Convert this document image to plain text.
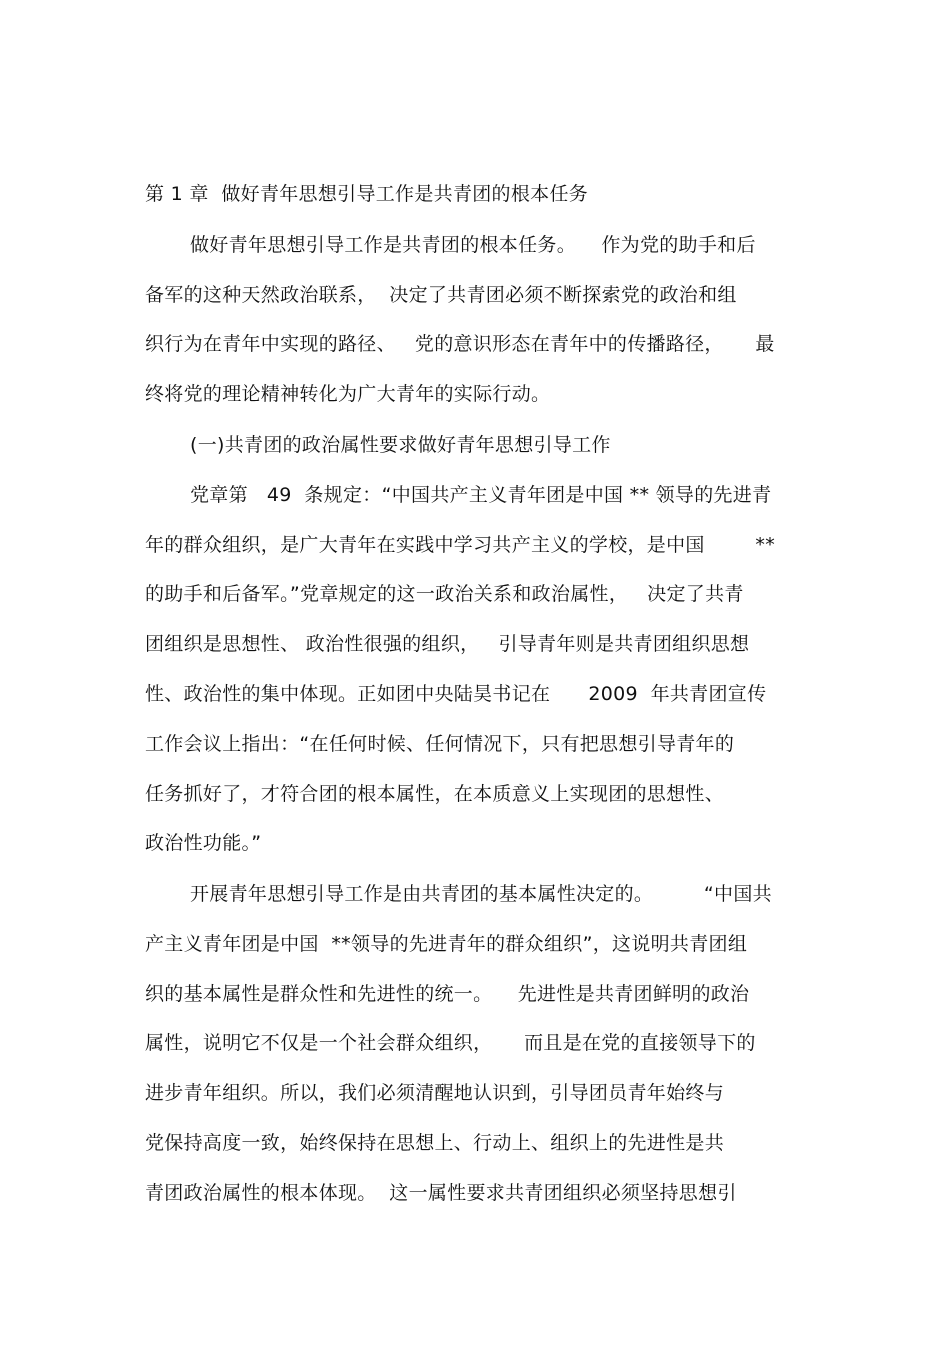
第 1 章  做好青年思想引导工作是共青团的根本任务
做好青年思想引导工作是共青团的根本任务。    作为党的助手和后
备军的这种天然政治联系，  决定了共青团必须不断探索党的政治和组
织行为在青年中实现的路径、   党的意识形态在青年中的传播路径，     最
终将党的理论精神转化为广大青年的实际行动。
(一)共青团的政治属性要求做好青年思想引导工作
党章第   49  条规定：“中国共产主义青年团是中国 ** 领导的先进青
年的群众组织，是广大青年在实践中学习共产主义的学校，是中国        **
的助手和后备军。”党章规定的这一政治关系和政治属性，   决定了共青
团组织是思想性、 政治性很强的组织，   引导青年则是共青团组织思想
性、政治性的集中体现。正如团中央陆昊书记在      2009  年共青团宣传
工作会议上指出：“在任何时候、任何情况下，只有把思想引导青年的
任务抓好了，才符合团的根本属性，在本质意义上实现团的思想性、
政治性功能。”
开展青年思想引导工作是由共青团的基本属性决定的。        “中国共
产主义青年团是中国  **领导的先进青年的群众组织”，这说明共青团组
织的基本属性是群众性和先进性的统一。    先进性是共青团鲜明的政治
属性，说明它不仅是一个社会群众组织，     而且是在党的直接领导下的
进步青年组织。所以，我们必须清醒地认识到，引导团员青年始终与
党保持高度一致，始终保持在思想上、行动上、组织上的先进性是共
青团政治属性的根本体现。  这一属性要求共青团组织必须坚持思想引
